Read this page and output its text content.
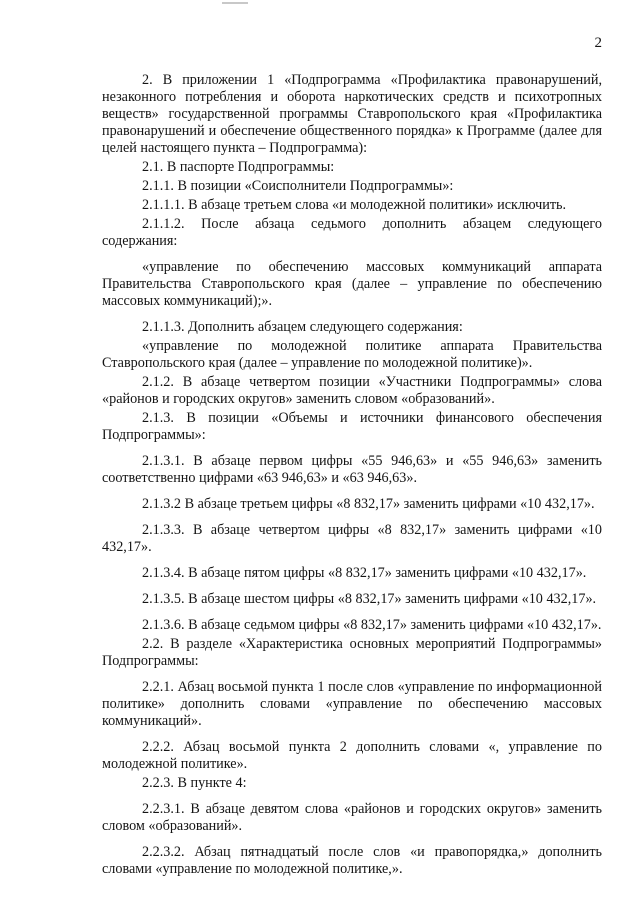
2

2. В приложении 1 «Подпрограмма «Профилактика правонарушений, незаконного потребления и оборота наркотических средств и психотропных веществ» государственной программы Ставропольского края «Профилактика правонарушений и обеспечение общественного порядка» к Программе (далее для целей настоящего пункта – Подпрограмма):

2.1. В паспорте Подпрограммы:

2.1.1. В позиции «Соисполнители Подпрограммы»:

2.1.1.1. В абзаце третьем слова «и молодежной политики» исключить.

2.1.1.2. После абзаца седьмого дополнить абзацем следующего содержания:

«управление по обеспечению массовых коммуникаций аппарата Правительства Ставропольского края (далее – управление по обеспечению массовых коммуникаций);».

2.1.1.3. Дополнить абзацем следующего содержания:

«управление по молодежной политике аппарата Правительства Ставропольского края (далее – управление по молодежной политике)».

2.1.2. В абзаце четвертом позиции «Участники Подпрограммы» слова «районов и городских округов» заменить словом «образований».

2.1.3. В позиции «Объемы и источники финансового обеспечения Подпрограммы»:

2.1.3.1. В абзаце первом цифры «55 946,63» и «55 946,63» заменить соответственно цифрами «63 946,63» и «63 946,63».

2.1.3.2 В абзаце третьем цифры «8 832,17» заменить цифрами «10 432,17».

2.1.3.3. В абзаце четвертом цифры «8 832,17» заменить цифрами «10 432,17».

2.1.3.4. В абзаце пятом цифры «8 832,17» заменить цифрами «10 432,17».

2.1.3.5. В абзаце шестом цифры «8 832,17» заменить цифрами «10 432,17».

2.1.3.6. В абзаце седьмом цифры «8 832,17» заменить цифрами «10 432,17».

2.2. В разделе «Характеристика основных мероприятий Подпрограммы» Подпрограммы:

2.2.1. Абзац восьмой пункта 1 после слов «управление по информационной политике» дополнить словами «управление по обеспечению массовых коммуникаций».

2.2.2. Абзац восьмой пункта 2 дополнить словами «, управление по молодежной политике».

2.2.3. В пункте 4:

2.2.3.1. В абзаце девятом слова «районов и городских округов» заменить словом «образований».

2.2.3.2. Абзац пятнадцатый после слов «и правопорядка,» дополнить словами «управление по молодежной политике,».
